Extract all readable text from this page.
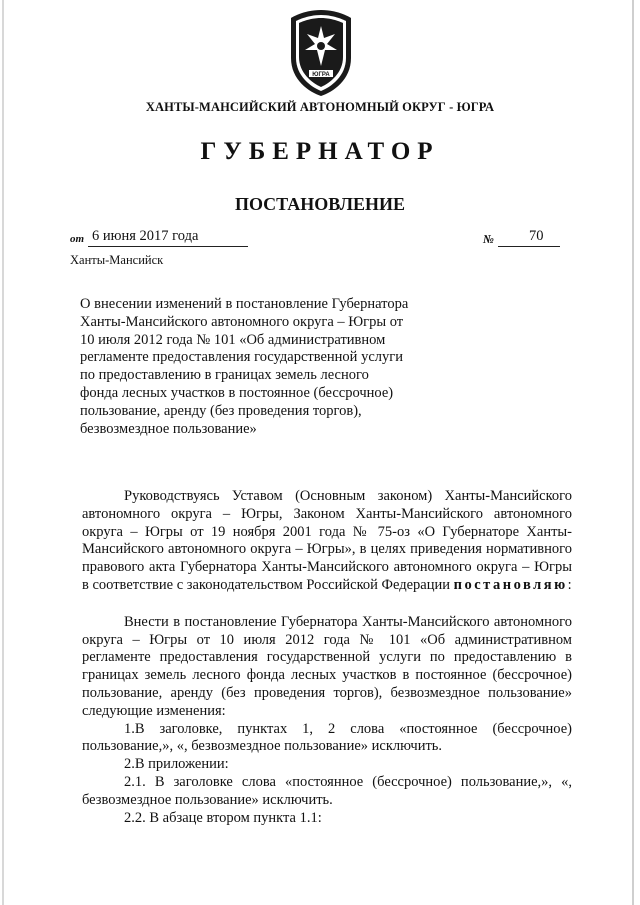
ЮГРА
ХАНТЫ-МАНСИЙСКИЙ АВТОНОМНЫЙ ОКРУГ - ЮГРА
ГУБЕРНАТОР
ПОСТАНОВЛЕНИЕ
от 6 июня 2017 года	№ 70
Ханты-Мансийск
О внесении изменений в постановление Губернатора Ханты-Мансийского автономного округа – Югры от 10 июля 2012 года № 101 «Об административном регламенте предоставления государственной услуги по предоставлению в границах земель лесного фонда лесных участков в постоянное (бессрочное) пользование, аренду (без проведения торгов), безвозмездное пользование»

Руководствуясь Уставом (Основным законом) Ханты-Мансийского автономного округа – Югры, Законом Ханты-Мансийского автономного округа – Югры от 19 ноября 2001 года № 75-оз «О Губернаторе Ханты-Мансийского автономного округа – Югры», в целях приведения нормативного правового акта Губернатора Ханты-Мансийского автономного округа – Югры в соответствие с законодательством Российской Федерации постановляю:

Внести в постановление Губернатора Ханты-Мансийского автономного округа – Югры от 10 июля 2012 года № 101 «Об административном регламенте предоставления государственной услуги по предоставлению в границах земель лесного фонда лесных участков в постоянное (бессрочное) пользование, аренду (без проведения торгов), безвозмездное пользование» следующие изменения:

1.В заголовке, пунктах 1, 2 слова «постоянное (бессрочное) пользование,», «, безвозмездное пользование» исключить.

2.В приложении:

2.1. В заголовке слова «постоянное (бессрочное) пользование,», «, безвозмездное пользование» исключить.

2.2. В абзаце втором пункта 1.1:
